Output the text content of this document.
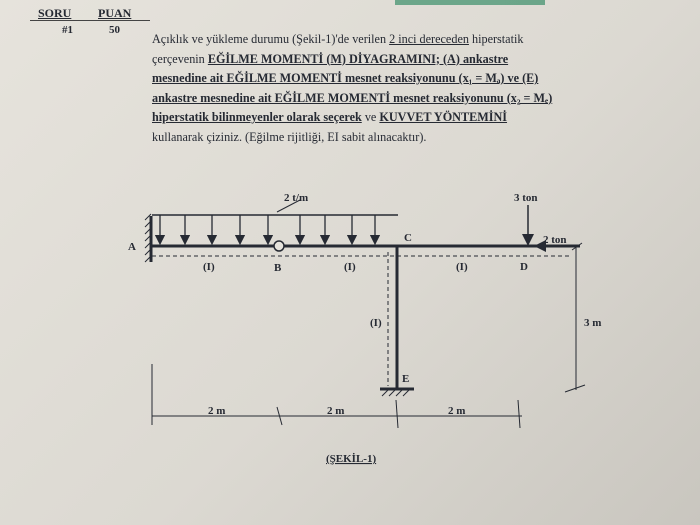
SORU PUAN
#1	50
Açıklık ve yükleme durumu (Şekil-1)'de verilen 2 inci dereceden hiperstatik
çerçevenin EĞİLME MOMENTİ (M) DİYAGRAMINI; (A) ankastre
mesnedine ait EĞİLME MOMENTİ mesnet reaksiyonunu (x₁ = Mₐ) ve (E)
ankastre mesnedine ait EĞİLME MOMENTİ mesnet reaksiyonunu (x₂ = Mₑ)
hiperstatik bilinmeyenler olarak seçerek ve KUVVET YÖNTEMİNİ
kullanarak çiziniz. (Eğilme rijitliği, EI sabit alınacaktır).
2 t/m	3 ton
2 ton
A
B
C
D
E
(I)	(I)	(I)
(I)
2 m	2 m	2 m
3 m
(ŞEKİL-1)
